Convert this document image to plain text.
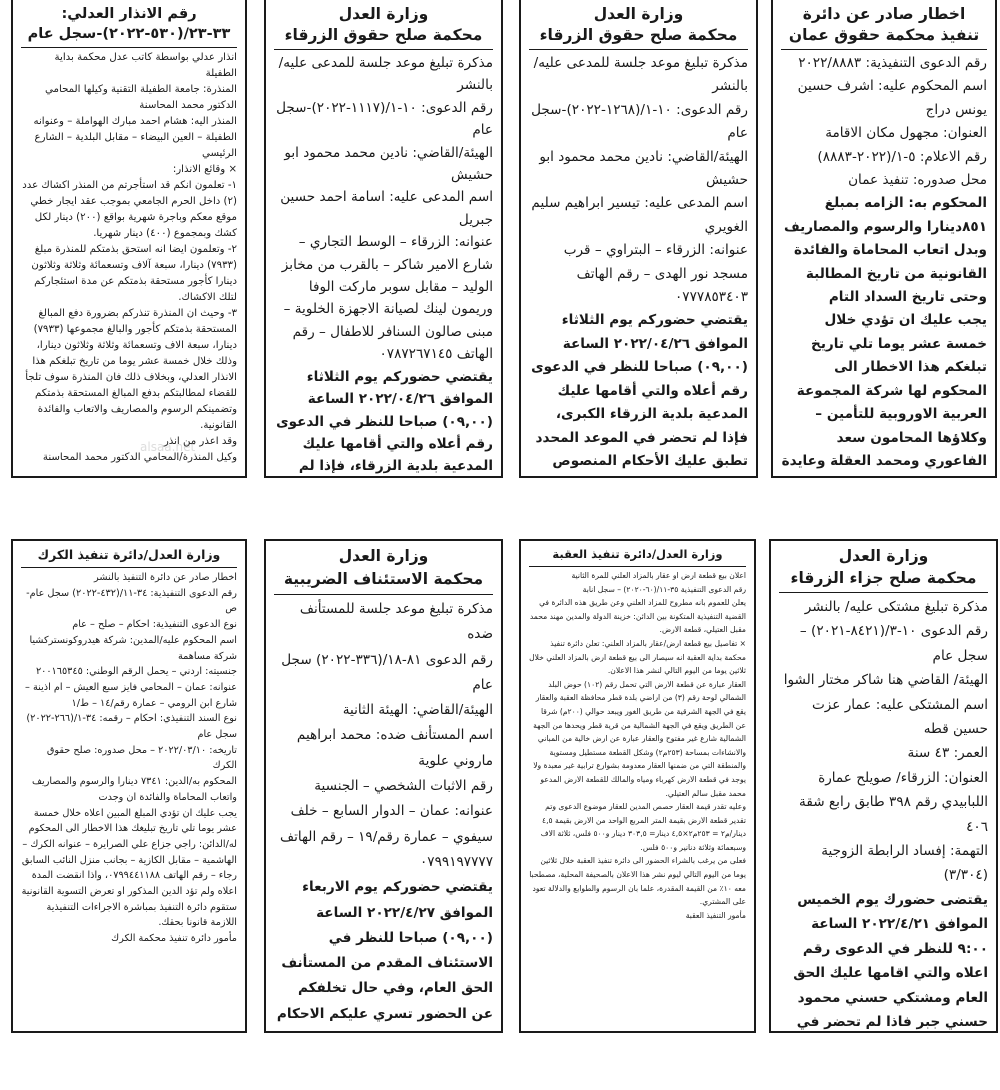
اخطار صادر عن دائرة تنفيذ محكمة حقوق عمان

رقم الدعوى التنفيذية: ٢٠٢٢/٨٨٨٣

اسم المحكوم عليه: اشرف حسين يونس دراج

العنوان: مجهول مكان الاقامة

رقم الاعلام: ٥-١/(٢٠٢٢-٨٨٨٣)

محل صدوره: تنفيذ عمان

المحكوم به: الزامه بمبلغ ٨٥١دينارا والرسوم والمصاريف وبدل اتعاب المحاماة والفائدة القانونية من تاريخ المطالبة وحتى تاريخ السداد التام

يجب عليك ان تؤدي خلال خمسة عشر يوما تلي تاريخ تبلغكم هذا الاخطار الى المحكوم لها شركة المجموعة العربية الاوروبية للتأمين – وكلاؤها المحامون سعد الفاعوري ومحمد العقلة وعايدة

وزارة العدل

محكمة صلح حقوق الزرقاء

مذكرة تبليغ موعد جلسة للمدعى عليه/بالنشر

رقم الدعوى: ١٠-١/(١٢٦٨-٢٠٢٢)-سجل عام

الهيئة/القاضي: نادين محمد محمود ابو حشيش

اسم المدعى عليه: تيسير ابراهيم سليم الغويري

عنوانه: الزرقاء – البتراوي – قرب مسجد نور الهدى – رقم الهاتف ٠٧٧٧٨٥٣٤٠٣

يقتضي حضوركم يوم الثلاثاء الموافق ٢٠٢٢/٠٤/٢٦ الساعة (٠٩,٠٠) صباحا للنظر في الدعوى رقم أعلاه والتي أقامها عليك المدعية بلدية الزرقاء الكبرى، فإذا لم تحضر في الموعد المحدد تطبق عليك الأحكام المنصوص

وزارة العدل

محكمة صلح حقوق الزرقاء

مذكرة تبليغ موعد جلسة للمدعى عليه/بالنشر

رقم الدعوى: ١٠-١/(١١١٧-٢٠٢٢)-سجل عام

الهيئة/القاضي: نادين محمد محمود ابو حشيش

اسم المدعى عليه: اسامة احمد حسين جبريل

عنوانه: الزرقاء – الوسط التجاري – شارع الامير شاكر – بالقرب من مخابز الوليد – مقابل سوبر ماركت الوفا وريمون لينك لصيانة الاجهزة الخلوية – مبنى صالون السنافر للاطفال – رقم الهاتف ٠٧٨٧٢٦٧١٤٥

يقتضي حضوركم يوم الثلاثاء الموافق ٢٠٢٢/٠٤/٢٦ الساعة (٠٩,٠٠) صباحا للنظر في الدعوى رقم أعلاه والتي أقامها عليك المدعية بلدية الزرقاء، فإذا لم

رقم الانذار العدلي: ٣٣-٢٣/(٥٣٠-٢٠٢٢)-سجل عام

انذار عدلي بواسطة كاتب عدل محكمة بداية الطفيلة

المنذرة: جامعة الطفيلة التقنية وكيلها المحامي الدكتور محمد المحاسنة

المنذر اليه: هشام احمد مبارك الهواملة – وعنوانه الطفيلة – العين البيضاء – مقابل البلدية – الشارع الرئيسي

× وقائع الانذار:

١- تعلمون انكم قد استأجرتم من المنذر اكشاك عدد (٢) داخل الحرم الجامعي بموجب عقد ايجار خطي موقع معكم وباجرة شهرية بواقع (٢٠٠) دينار لكل كشك وبمجموع (٤٠٠) دينار شهريا.

٢- وتعلمون ايضا انه استحق بذمتكم للمنذرة مبلغ (٧٩٣٣) دينارا، سبعة آلاف وتسعمائة وثلاثة وثلاثون دينارا كأجور مستحقة بذمتكم عن مدة استئجاركم لتلك الاكشاك.

٣- وحيث ان المنذرة تنذركم بضرورة دفع المبالغ المستحقة بذمتكم كأجور والبالغ مجموعها (٧٩٣٣) دينارا، سبعة الاف وتسعمائة وثلاثة وثلاثون دينارا، وذلك خلال خمسة عشر يوما من تاريخ تبلغكم هذا الانذار العدلي، وبخلاف ذلك فان المنذرة سوف تلجأ للقضاء لمطالبتكم بدفع المبالغ المستحقة بذمتكم وتضمينكم الرسوم والمصاريف والاتعاب والفائدة القانونية.

وقد اعذر من انذر

وكيل المنذرة/المحامي الدكتور محمد المحاسنة

وزارة العدل

محكمة صلح جزاء الزرقاء

مذكرة تبليغ مشتكى عليه/ بالنشر

رقم الدعوى ١٠-٣/(٨٤٢١-٢٠٢١) – سجل عام

الهيئة/ القاضي هنا شاكر مختار الشوا

اسم المشتكى عليه: عمار عزت حسين قطه

العمر: ٤٣ سنة

العنوان: الزرقاء/ صويلح عمارة اللبابيدي رقم ٣٩٨ طابق رابع شقة ٤٠٦

التهمة: إفساد الرابطة الزوجية (٣/٣٠٤)

يقتضى حضورك يوم الخميس الموافق ٢٠٢٢/٤/٢١ الساعة ٩:٠٠ للنظر في الدعوى رقم اعلاه والتي اقامها عليك الحق العام ومشتكي حسني محمود حسني جبر فاذا لم تحضر في

وزارة العدل/دائرة تنفيذ العقبة

اعلان بيع قطعة ارض او عقار بالمزاد العلني للمرة الثانية

رقم الدعوى التنفيذية ٣٥-١١/(٦٠-٢٠٢٠) – سجل انابة

يعلن للعموم بانه مطروح للمزاد العلني وعن طريق هذه الدائرة في القضية التنفيذية المتكونة بين الدائن: خزينة الدولة والمدين مهند محمد مقبل العتيلي، قطعة الارض.

× تفاصيل بيع قطعة ارض/عقار بالمزاد العلني: تعلن دائرة تنفيذ محكمة بداية العقبة انه سيصار الى بيع قطعة ارض بالمزاد العلني خلال ثلاثين يوما من اليوم التالي لنشر هذا الاعلان.

العقار عبارة عن قطعة الارض التي تحمل رقم (١٠٢) حوض البلد الشمالي لوحة رقم (٣) من اراضي بلدة قطر محافظة العقبة والعقار يقع في الجهة الشرقية من طريق الغور ويبعد حوالي (٢٠٠م) شرقا عن الطريق ويقع في الجهة الشمالية من قرية قطر ويحدها من الجهة الشمالية شارع غير مفتوح والعقار عبارة عن ارض خالية من المباني والانشاءات بمساحة (٢٥٣م٢) وشكل القطعة مستطيل ومستوية والمنطقة التي من ضمنها العقار معدومة بشوارع ترابية غير معبدة ولا يوجد في قطعة الارض كهرباء ومياه والمالك للقطعة الارض المدعو محمد مقبل سالم العتيلي.

وعليه تقدر قيمة العقار حصص المدين للعقار موضوع الدعوى وتم تقدير قطعة الارض بقيمة المتر المربع الواحد من الارض بقيمة ٤,٥ دينار/م٢ = ٢٥٣م٢×٤,٥ دينار= ٣٠٣,٥ دينار و٥٠٠ فلس، ثلاثة الاف وسبعمائة وثلاثة دنانير و٥٠٠ فلس.

فعلى من يرغب بالشراء الحضور الى دائرة تنفيذ العقبة خلال ثلاثين يوما من اليوم التالي ليوم نشر هذا الاعلان بالصحيفة المحلية، مصطحبا معه ١٠٪ من القيمة المقدرة، علما بان الرسوم والطوابع والدلالة تعود على المشتري.

مأمور التنفيذ العقبة

وزارة العدل

محكمة الاستئناف الضريبية

مذكرة تبليغ موعد جلسة للمستأنف ضده

رقم الدعوى ٨١-١٨/(٣٣٦-٢٠٢٢) سجل عام

الهيئة/القاضي: الهيئة الثانية

اسم المستأنف ضده: محمد ابراهيم ماروني علوية

رقم الاثبات الشخصي – الجنسية

عنوانه: عمان – الدوار السابع – خلف سيفوي – عمارة رقم/١٩ – رقم الهاتف ٠٧٩٩١٩٧٧٧٧

يقتضي حضوركم يوم الاربعاء الموافق ٢٠٢٢/٤/٢٧ الساعة (٠٩,٠٠) صباحا للنظر في الاستئناف المقدم من المستأنف الحق العام، وفي حال تخلفكم عن الحضور تسري عليكم الاحكام

وزارة العدل/دائرة تنفيذ الكرك

اخطار صادر عن دائرة التنفيذ بالنشر

رقم الدعوى التنفيذية: ٣٤-١١/(٤٣٢-٢٠٢٢) سجل عام-ص

نوع الدعوى التنفيذية: احكام – صلح – عام

اسم المحكوم عليه/المدين: شركة هيدروكونستركشيا شركة مساهمة

جنسيته: اردني – يحمل الرقم الوطني: ٢٠٠١٦٥٣٤٥

عنوانه: عمان – المحامي فايز سبع العيش – ام اذينة – شارع ابن الرومي – عمارة رقم/١٤ – ط/١

نوع السند التنفيذي: احكام – رقمه: ٣٤-١/(٢٦٦-٢٠٢٢) سجل عام

تاريخه: ٢٠٢٢/٠٣/١٠ – محل صدوره: صلح حقوق الكرك

المحكوم به/الدين: ٧٣٤١ دينارا والرسوم والمصاريف واتعاب المحاماة والفائدة ان وجدت

يجب عليك ان تؤدي المبلغ المبين اعلاه خلال خمسة عشر يوما تلي تاريخ تبليغك هذا الاخطار الى المحكوم له/الدائن: راجي جزاع علي الصرايرة – عنوانه الكرك – الهاشمية – مقابل الكازية – بجانب منزل النائب السابق رجاء – رقم الهاتف ٠٧٩٩٤٤١١٨٨، واذا انقضت المدة اعلاه ولم تؤد الدين المذكور او تعرض التسوية القانونية ستقوم دائرة التنفيذ بمباشرة الاجراءات التنفيذية اللازمة قانونا بحقك.

مأمور دائرة تنفيذ محكمة الكرك

alsaa.net
